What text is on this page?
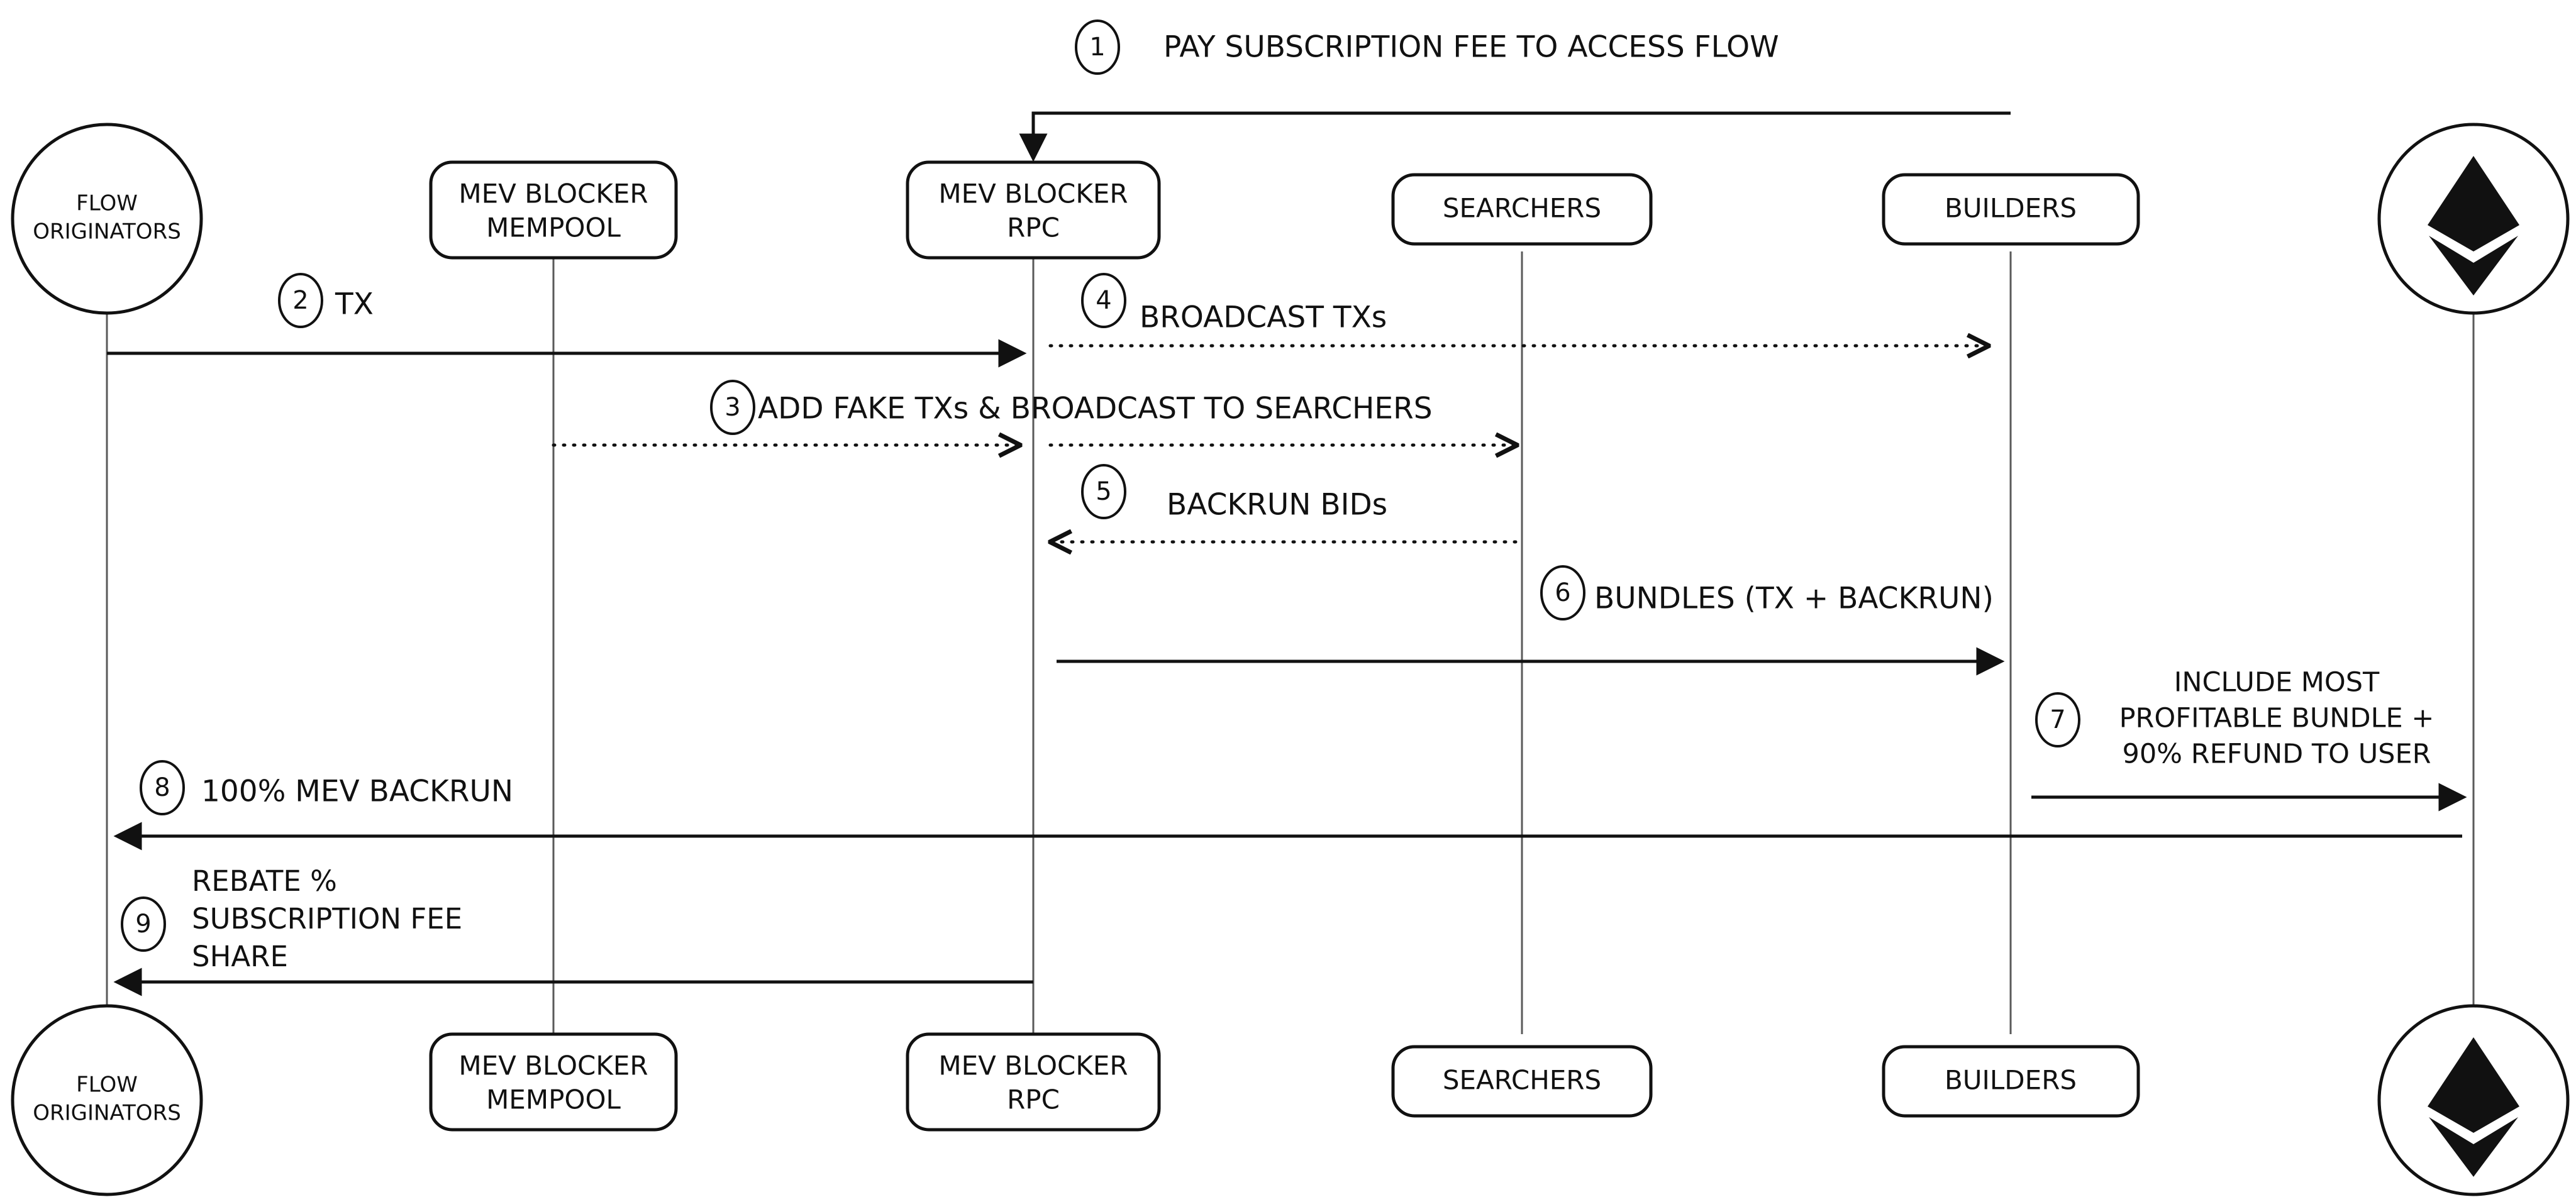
FLOW
ORIGINATORS
MEV BLOCKER
MEMPOOL
MEV BLOCKER
RPC
SEARCHERS	BUILDERS
1 PAY SUBSCRIPTION FEE TO ACCESS FLOW
2 TX	4 BROADCAST TXs
3 ADD FAKE TXs & BROADCAST TO SEARCHERS
5 BACKRUN BIDs
6 BUNDLES (TX + BACKRUN)
7
INCLUDE MOST
PROFITABLE BUNDLE +
90% REFUND TO USER
8 100% MEV BACKRUN
9
REBATE %
SUBSCRIPTION FEE
SHARE
FLOW
ORIGINATORS
MEV BLOCKER
MEMPOOL
MEV BLOCKER
RPC
SEARCHERS	BUILDERS
